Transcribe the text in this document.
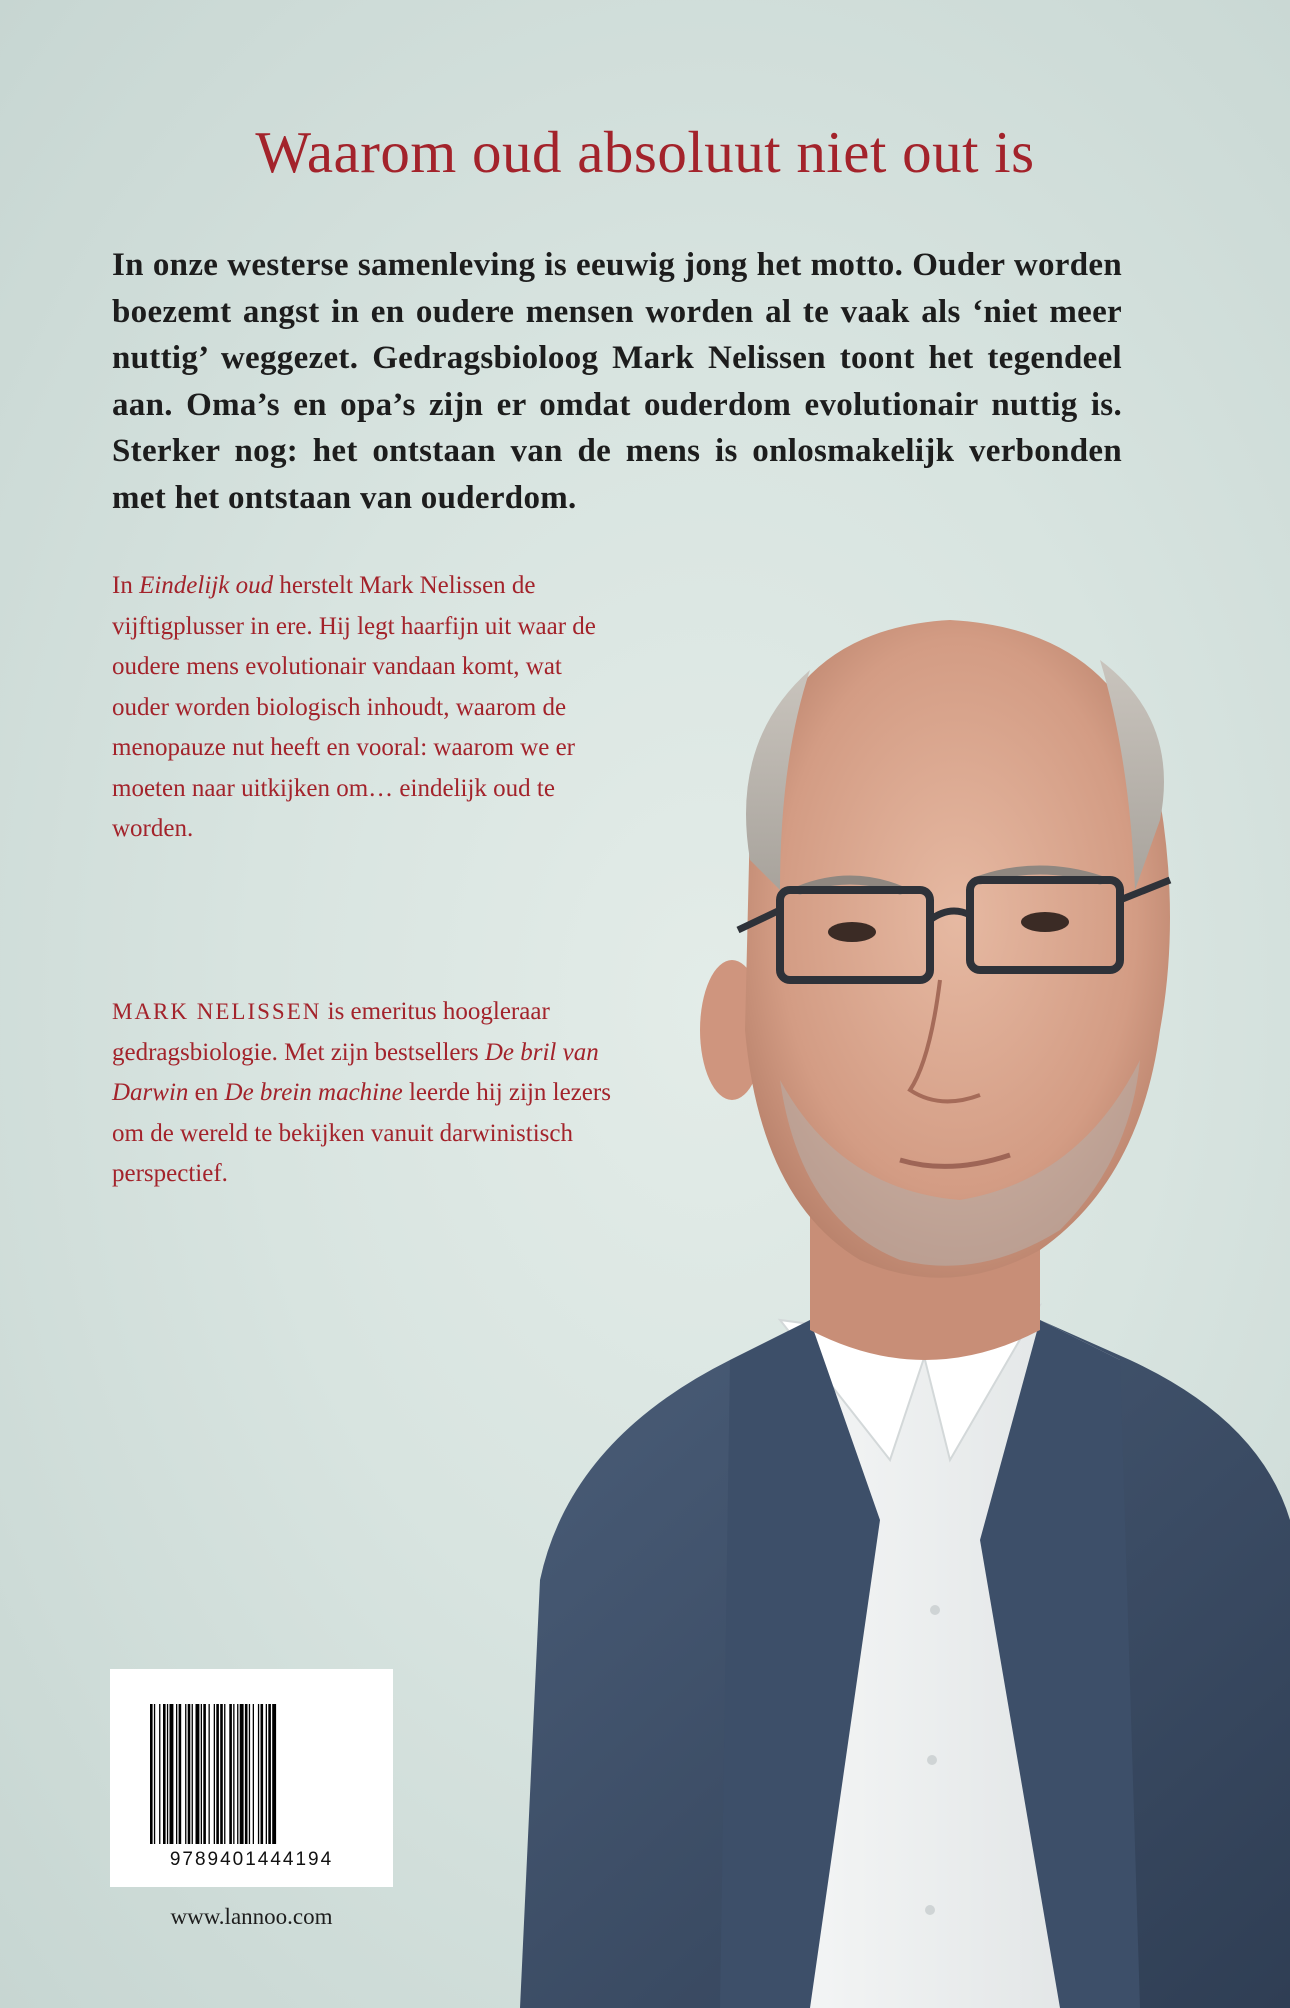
Waarom oud absoluut niet out is

In onze westerse samenleving is eeuwig jong het motto. Ouder worden boezemt angst in en oudere mensen worden al te vaak als ‘niet meer nuttig’ weggezet. Gedragsbioloog Mark Nelissen toont het tegendeel aan. Oma’s en opa’s zijn er omdat ouderdom evolutionair nuttig is. Sterker nog: het ontstaan van de mens is onlosmakelijk verbonden met het ontstaan van ouderdom.

In Eindelijk oud herstelt Mark Nelissen de vijftigplusser in ere. Hij legt haarfijn uit waar de oudere mens evolutionair vandaan komt, wat ouder worden biologisch inhoudt, waarom de menopauze nut heeft en vooral: waarom we er moeten naar uitkijken om… eindelijk oud te worden.

MARK NELISSEN is emeritus hoogleraar gedragsbiologie. Met zijn bestsellers De bril van Darwin en De brein machine leerde hij zijn lezers om de wereld te bekijken vanuit darwinistisch perspectief.

9789401444194
www.lannoo.com
